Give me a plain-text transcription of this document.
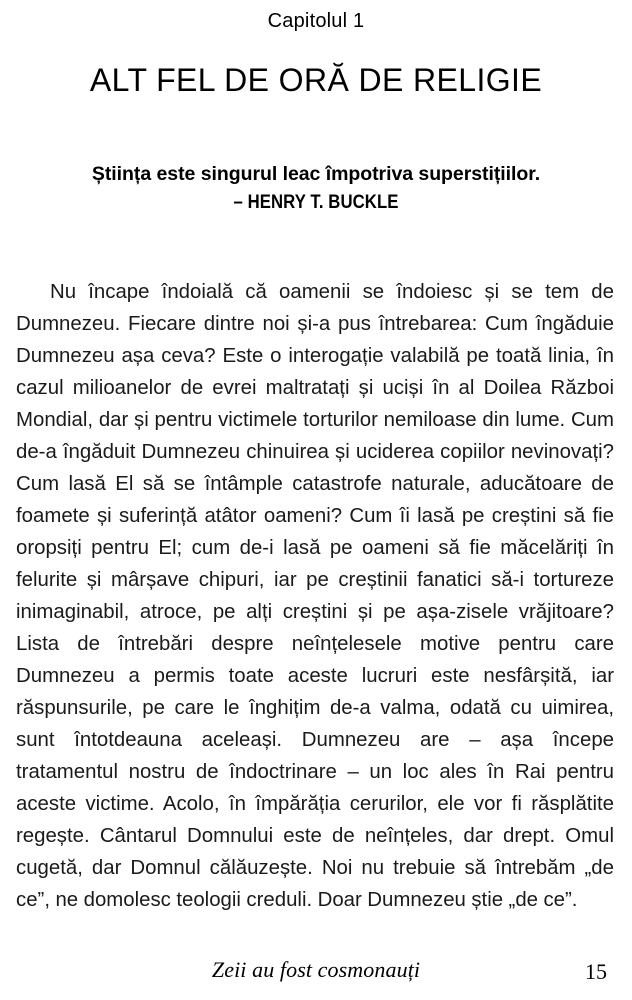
Capitolul 1
ALT FEL DE ORĂ DE RELIGIE
Știința este singurul leac împotriva superstițiilor.
– HENRY T. BUCKLE

Nu încape îndoială că oamenii se îndoiesc și se tem de Dumnezeu. Fiecare dintre noi și-a pus întrebarea: Cum îngăduie Dumnezeu așa ceva? Este o interogație valabilă pe toată linia, în cazul milioanelor de evrei maltratați și uciși în al Doilea Război Mondial, dar și pentru victimele torturilor nemiloase din lume. Cum de-a îngăduit Dumnezeu chinuirea și uciderea copiilor nevinovați? Cum lasă El să se întâmple catastrofe naturale, aducătoare de foamete și suferință atâtor oameni? Cum îi lasă pe creștini să fie oropsiți pentru El; cum de-i lasă pe oameni să fie măcelăriți în felurite și mârșave chipuri, iar pe creștinii fanatici să-i tortureze inimaginabil, atroce, pe alți creștini și pe așa-zisele vrăjitoare? Lista de întrebări despre neînțelesele motive pentru care Dumnezeu a permis toate aceste lucruri este nesfârșită, iar răspunsurile, pe care le înghițim de-a valma, odată cu uimirea, sunt întotdeauna aceleași. Dumnezeu are – așa începe tratamentul nostru de îndoctrinare – un loc ales în Rai pentru aceste victime. Acolo, în împărăția cerurilor, ele vor fi răsplătite regește. Cântarul Domnului este de neînțeles, dar drept. Omul cugetă, dar Domnul călăuzește. Noi nu trebuie să întrebăm „de ce”, ne domolesc teologii creduli. Doar Dumnezeu știe „de ce”.

Zeii au fost cosmonauți	15
